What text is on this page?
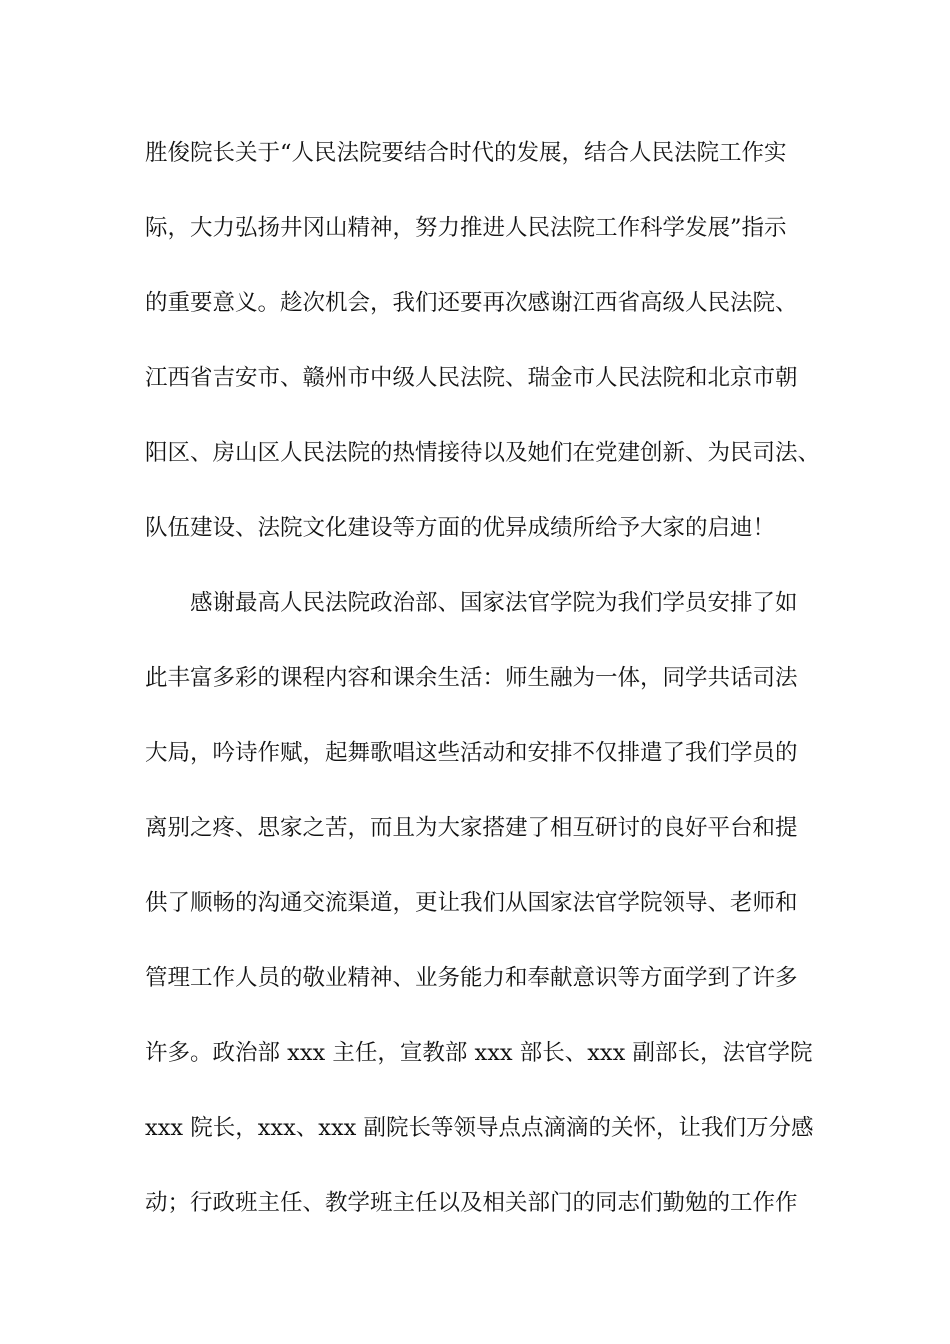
胜俊院长关于“人民法院要结合时代的发展，结合人民法院工作实
际，大力弘扬井冈山精神，努力推进人民法院工作科学发展”指示
的重要意义。趁次机会，我们还要再次感谢江西省高级人民法院、
江西省吉安市、赣州市中级人民法院、瑞金市人民法院和北京市朝
阳区、房山区人民法院的热情接待以及她们在党建创新、为民司法、
队伍建设、法院文化建设等方面的优异成绩所给予大家的启迪！
感谢最高人民法院政治部、国家法官学院为我们学员安排了如
此丰富多彩的课程内容和课余生活：师生融为一体，同学共话司法
大局，吟诗作赋，起舞歌唱这些活动和安排不仅排遣了我们学员的
离别之疼、思家之苦，而且为大家搭建了相互研讨的良好平台和提
供了顺畅的沟通交流渠道，更让我们从国家法官学院领导、老师和
管理工作人员的敬业精神、业务能力和奉献意识等方面学到了许多
许多。政治部 xxx 主任，宣教部 xxx 部长、xxx 副部长，法官学院
xxx 院长，xxx、xxx 副院长等领导点点滴滴的关怀，让我们万分感
动；行政班主任、教学班主任以及相关部门的同志们勤勉的工作作
